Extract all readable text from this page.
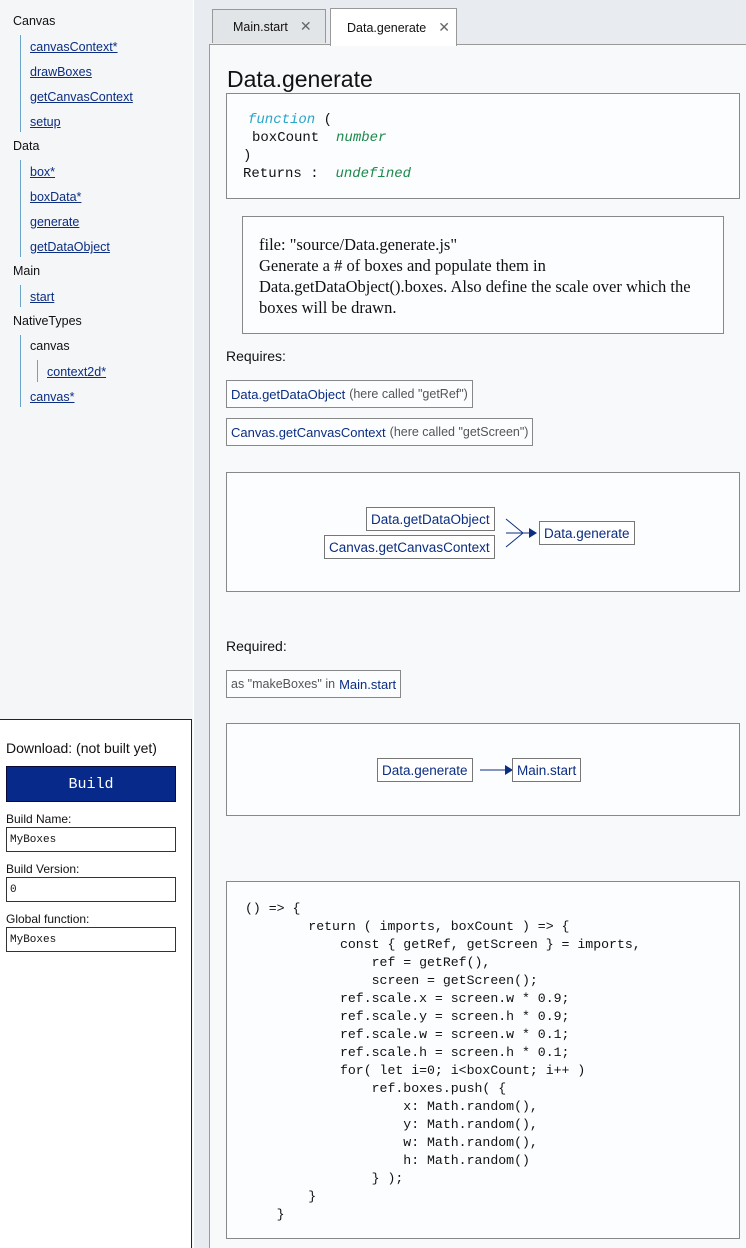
Canvas
canvasContext*
drawBoxes
getCanvasContext
setup
Data
box*
boxData*
generate
getDataObject
Main
start
NativeTypes
canvas
context2d*
canvas*
Download: (not built yet)
Build
Build Name:
MyBoxes
Build Version:
0
Global function:
MyBoxes
Main.start ✕	Data.generate ✕
Data.generate
function (
boxCount number
)
Returns : undefined
file: "source/Data.generate.js"
Generate a # of boxes and populate them in Data.getDataObject().boxes. Also define the scale over which the boxes will be drawn.
Requires:
Data.getDataObject (here called "getRef")
Canvas.getCanvasContext (here called "getScreen")
Data.getDataObject
Canvas.getCanvasContext
Data.generate
Required:
as "makeBoxes" in Main.start
Data.generate	Main.start
() => {
return ( imports, boxCount ) => {
const { getRef, getScreen } = imports,
ref = getRef(),
screen = getScreen();
ref.scale.x = screen.w * 0.9;
ref.scale.y = screen.h * 0.9;
ref.scale.w = screen.w * 0.1;
ref.scale.h = screen.h * 0.1;
for( let i=0; i<boxCount; i++ )
ref.boxes.push( {
x: Math.random(),
y: Math.random(),
w: Math.random(),
h: Math.random()
} );
}
}
